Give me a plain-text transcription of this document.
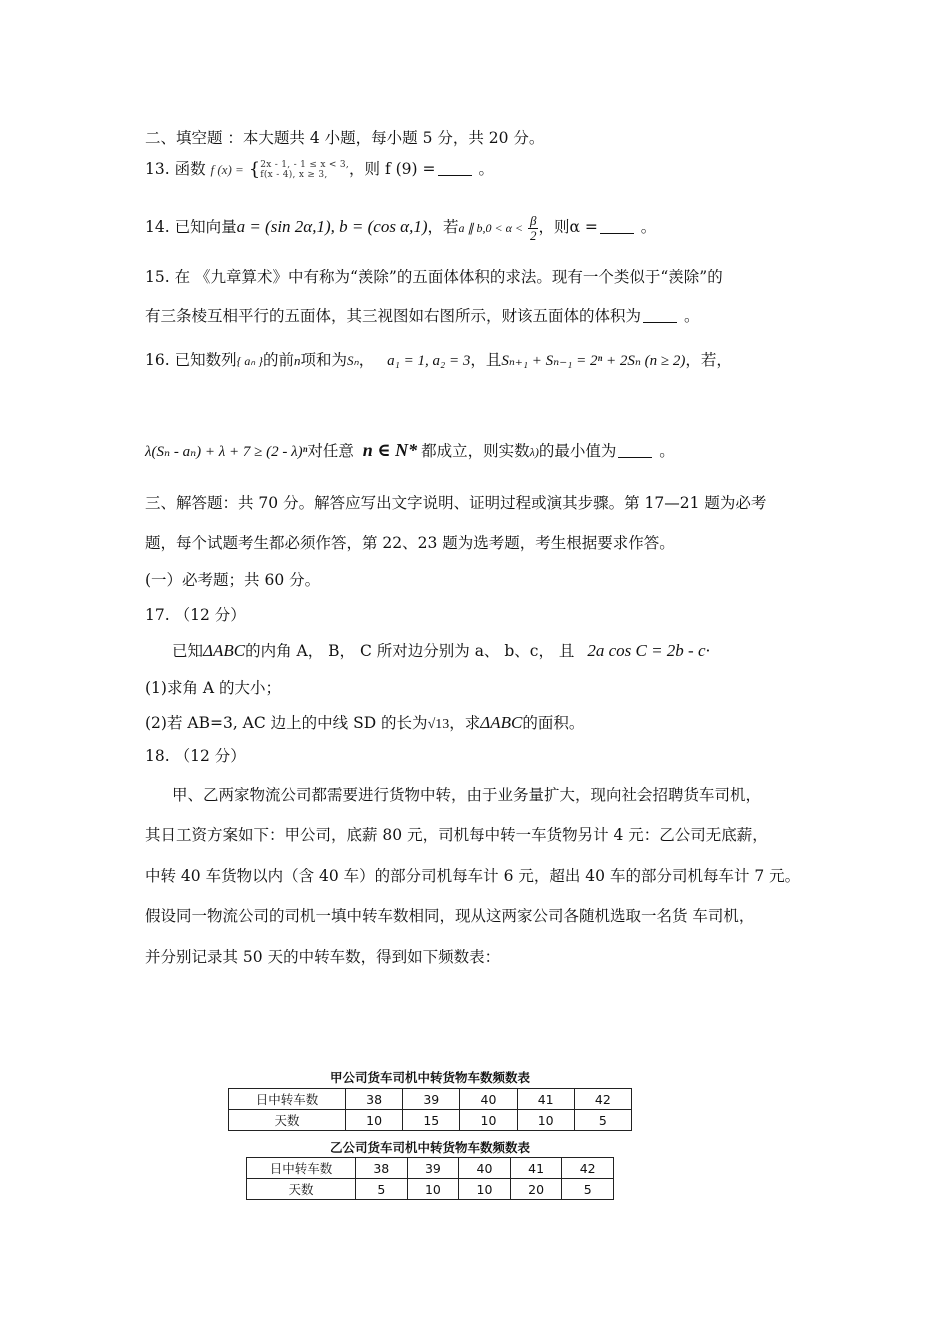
二、填空题 ：本大题共 4 小题，每小题 5 分，共 20 分。
13. 函数 f (x) = { 2x - 1, - 1 ≤ x < 3,
f(x - 4), x ≥ 3,	，则 f (9) =	。
14. 已知向量a = (sin 2α,1), b = (cos α,1)，若a ∥ $b,0 < \alpha < \frac{\beta}{2}$ ，则α =	。
15. 在 《九章算术》中有称为“羡除”的五面体体积的求法。现有一个类似于“羡除”的
有三条棱互相平行的五面体，其三视图如右图所示，财该五面体的体积为	。
16. 已知数列{ aₙ }的前n项和为Sₙ， a₁ = 1, a₂ = 3，且Sₙ₊₁ + Sₙ₋₁ = 2ⁿ + 2Sₙ (n ≥ 2)，若，
λ(Sₙ - aₙ) + λ + 7 ≥ (2 - λ)ⁿ对任意 n ∈ N* 都成立，则实数λ)的最小值为	。
三、解答题：共 70 分。解答应写出文字说明、证明过程或演其步骤。第 17—21 题为必考
题，每个试题考生都必须作答，第 22、23 题为选考题，考生根据要求作答。
(一）必考题；共 60 分。
17. （12 分）
已知ΔABC的内角 A， B， C 所对边分别为 a、 b、c， 且 2a cos C = 2b - c·
(1)求角 A 的大小；
(2)若 AB=3, AC 边上的中线 SD 的长为√13，求ΔABC的面积。
18. （12 分）
甲、乙两家物流公司都需要进行货物中转，由于业务量扩大，现向社会招聘货车司机，
其日工资方案如下：甲公司，底薪 80 元，司机每中转一车货物另计 4 元：乙公司无底薪，
中转 40 车货物以内（含 40 车）的部分司机每车计 6 元，超出 40 车的部分司机每车计 7 元。
假设同一物流公司的司机一填中转车数相同，现从这两家公司各随机选取一名货 车司机，
并分别记录其 50 天的中转车数，得到如下频数表：
甲公司货车司机中转货物车数频数表
日中转车数	38	39	40	41	42
天数	10	15	10	10	5
乙公司货车司机中转货物车数频数表
日中转车数	38	39	40	41	42
天数	5	10	10	20	5
